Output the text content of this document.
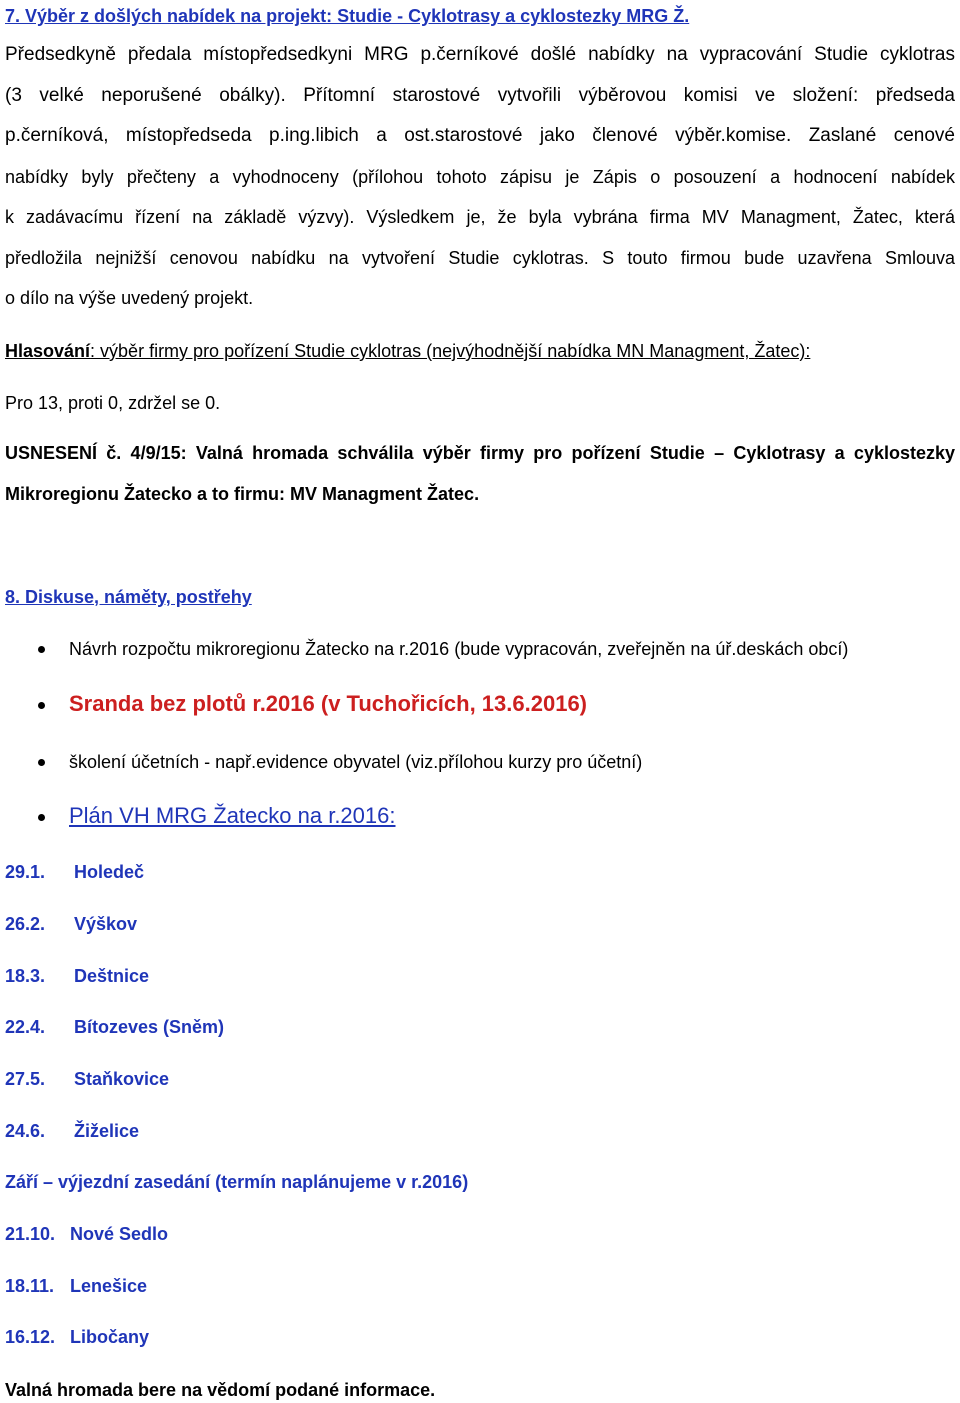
7. Výběr z došlých nabídek na projekt: Studie - Cyklotrasy a cyklostezky MRG Ž.
Předsedkyně předala místopředsedkyni MRG p.černíkové došlé nabídky na vypracování Studie cyklotras
(3 velké neporušené obálky). Přítomní starostové vytvořili výběrovou komisi ve složení: předseda
p.černíková, místopředseda p.ing.libich a ost.starostové jako členové výběr.komise. Zaslané cenové
nabídky byly přečteny a vyhodnoceny (přílohou tohoto zápisu je Zápis o posouzení a hodnocení nabídek
k zadávacímu řízení na základě výzvy). Výsledkem je, že byla vybrána firma MV Managment, Žatec, která
předložila nejnižší cenovou nabídku na vytvoření Studie cyklotras. S touto firmou bude uzavřena Smlouva
o dílo na výše uvedený projekt.
Hlasování: výběr firmy pro pořízení Studie cyklotras (nejvýhodnější nabídka MN Managment, Žatec):
Pro 13, proti 0, zdržel se 0.
USNESENÍ č. 4/9/15: Valná hromada schválila výběr firmy pro pořízení Studie – Cyklotrasy a cyklostezky
Mikroregionu Žatecko a to firmu: MV Managment Žatec.
8. Diskuse, náměty, postřehy
Návrh rozpočtu mikroregionu Žatecko na r.2016 (bude vypracován, zveřejněn na úř.deskách obcí)
Sranda bez plotů r.2016 (v Tuchořicích, 13.6.2016)
školení účetních - např.evidence obyvatel (viz.přílohou kurzy pro účetní)
Plán VH MRG Žatecko na r.2016:
29.1. Holedeč
26.2. Výškov
18.3. Deštnice
22.4. Bítozeves (Sněm)
27.5. Staňkovice
24.6. Žiželice
Září – výjezdní zasedání (termín naplánujeme v r.2016)
21.10. Nové Sedlo
18.11. Lenešice
16.12. Libočany
Valná hromada bere na vědomí podané informace.
